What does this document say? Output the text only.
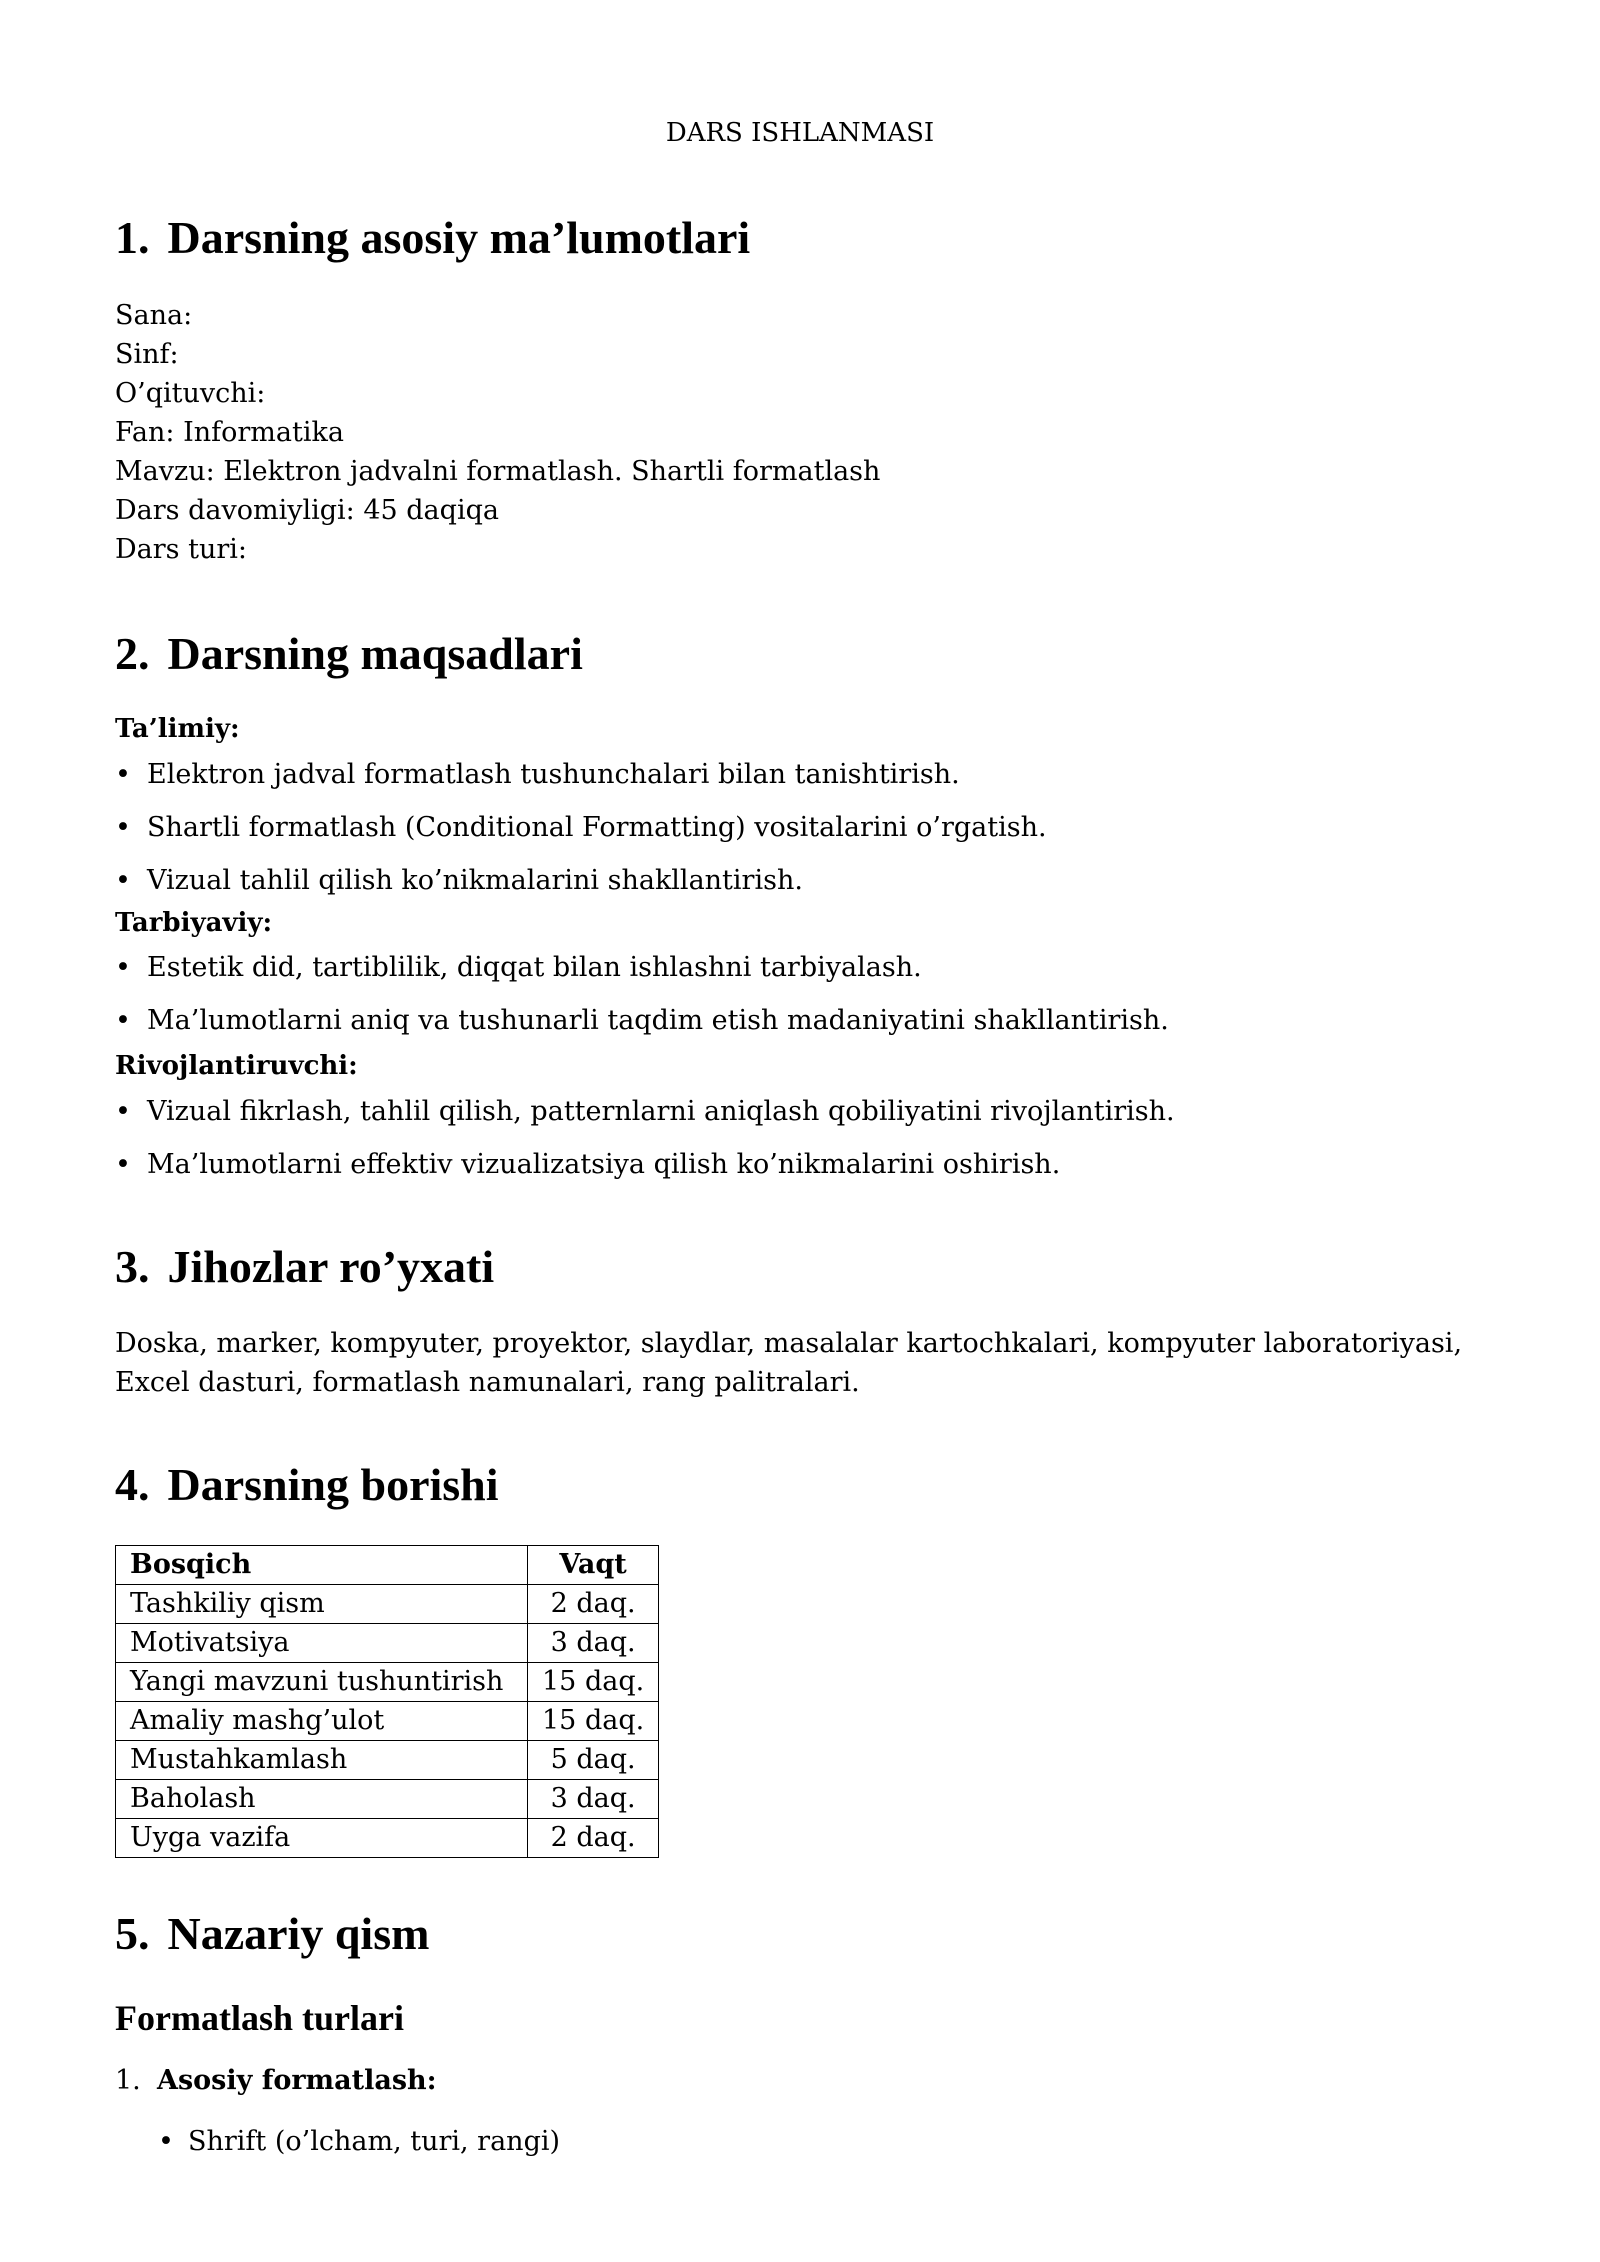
DARS ISHLANMASI
1. Darsning asosiy ma’lumotlari
Sana:
Sinf:
O’qituvchi:
Fan: Informatika
Mavzu: Elektron jadvalni formatlash. Shartli formatlash
Dars davomiyligi: 45 daqiqa
Dars turi:
2. Darsning maqsadlari
Ta’limiy:
• Elektron jadval formatlash tushunchalari bilan tanishtirish.
• Shartli formatlash (Conditional Formatting) vositalarini o’rgatish.
• Vizual tahlil qilish ko’nikmalarini shakllantirish.
Tarbiyaviy:
• Estetik did, tartiblilik, diqqat bilan ishlashni tarbiyalash.
• Ma’lumotlarni aniq va tushunarli taqdim etish madaniyatini shakllantirish.
Rivojlantiruvchi:
• Vizual fikrlash, tahlil qilish, patternlarni aniqlash qobiliyatini rivojlantirish.
• Ma’lumotlarni effektiv vizualizatsiya qilish ko’nikmalarini oshirish.
3. Jihozlar ro’yxati
Doska, marker, kompyuter, proyektor, slaydlar, masalalar kartochkalari, kompyuter laboratoriyasi, Excel dasturi, formatlash namunalari, rang palitralari.
4. Darsning borishi
Bosqich	Vaqt
Tashkiliy qism	2 daq.
Motivatsiya	3 daq.
Yangi mavzuni tushuntirish	15 daq.
Amaliy mashg’ulot	15 daq.
Mustahkamlash	5 daq.
Baholash	3 daq.
Uyga vazifa	2 daq.
5. Nazariy qism
Formatlash turlari
1. Asosiy formatlash:
• Shrift (o’lcham, turi, rangi)
